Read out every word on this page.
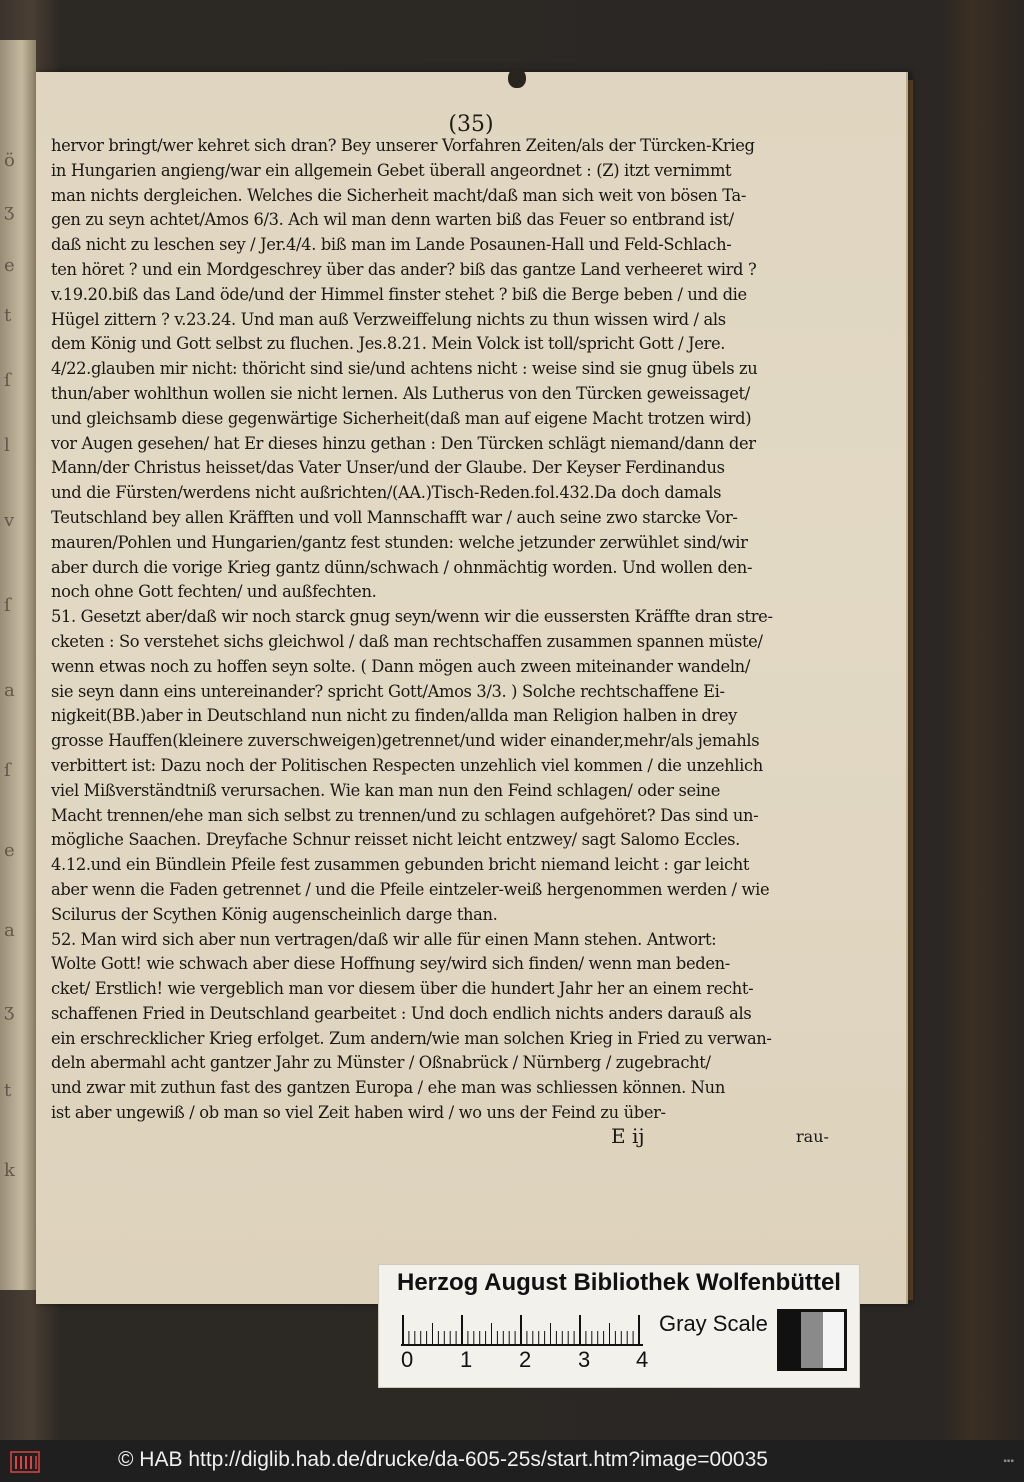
ö
ʒ
e
t
ſ
l
v
ſ
a
ſ
e
a
ʒ
t
k
(35)
hervor bringt/wer kehret sich dran? Bey unserer Vorfahren Zeiten/als der Türcken-Krieg
in Hungarien angieng/war ein allgemein Gebet überall angeordnet : (Z) itzt vernimmt
man nichts dergleichen. Welches die Sicherheit macht/daß man sich weit von bösen Ta-
gen zu seyn achtet/Amos 6/3. Ach wil man denn warten biß das Feuer so entbrand ist/
daß nicht zu leschen sey / Jer.4/4. biß man im Lande Posaunen-Hall und Feld-Schlach-
ten höret ? und ein Mordgeschrey über das ander? biß das gantze Land verheeret wird ?
v.19.20.biß das Land öde/und der Himmel finster stehet ? biß die Berge beben / und die
Hügel zittern ? v.23.24. Und man auß Verzweiffelung nichts zu thun wissen wird / als
dem König und Gott selbst zu fluchen. Jes.8.21. Mein Volck ist toll/spricht Gott / Jere.
4/22.glauben mir nicht: thöricht sind sie/und achtens nicht : weise sind sie gnug übels zu
thun/aber wohlthun wollen sie nicht lernen. Als Lutherus von den Türcken geweissaget/
und gleichsamb diese gegenwärtige Sicherheit(daß man auf eigene Macht trotzen wird)
vor Augen gesehen/ hat Er dieses hinzu gethan : Den Türcken schlägt niemand/dann der
Mann/der Christus heisset/das Vater Unser/und der Glaube. Der Keyser Ferdinandus
und die Fürsten/werdens nicht außrichten/(AA.)Tisch-Reden.fol.432.Da doch damals
Teutschland bey allen Kräfften und voll Mannschafft war / auch seine zwo starcke Vor-
mauren/Pohlen und Hungarien/gantz fest stunden: welche jetzunder zerwühlet sind/wir
aber durch die vorige Krieg gantz dünn/schwach / ohnmächtig worden. Und wollen den-
noch ohne Gott fechten/ und außfechten.
51. Gesetzt aber/daß wir noch starck gnug seyn/wenn wir die eussersten Kräffte dran stre-
cketen : So verstehet sichs gleichwol / daß man rechtschaffen zusammen spannen müste/
wenn etwas noch zu hoffen seyn solte. ( Dann mögen auch zween miteinander wandeln/
sie seyn dann eins untereinander? spricht Gott/Amos 3/3. ) Solche rechtschaffene Ei-
nigkeit(BB.)aber in Deutschland nun nicht zu finden/allda man Religion halben in drey
grosse Hauffen(kleinere zuverschweigen)getrennet/und wider einander,mehr/als jemahls
verbittert ist: Dazu noch der Politischen Respecten unzehlich viel kommen / die unzehlich
viel Mißverständtniß verursachen. Wie kan man nun den Feind schlagen/ oder seine
Macht trennen/ehe man sich selbst zu trennen/und zu schlagen aufgehöret? Das sind un-
mögliche Saachen. Dreyfache Schnur reisset nicht leicht entzwey/ sagt Salomo Eccles.
4.12.und ein Bündlein Pfeile fest zusammen gebunden bricht niemand leicht : gar leicht
aber wenn die Faden getrennet / und die Pfeile eintzeler-weiß hergenommen werden / wie
Scilurus der Scythen König augenscheinlich darge than.
52. Man wird sich aber nun vertragen/daß wir alle für einen Mann stehen. Antwort:
Wolte Gott! wie schwach aber diese Hoffnung sey/wird sich finden/ wenn man beden-
cket/ Erstlich! wie vergeblich man vor diesem über die hundert Jahr her an einem recht-
schaffenen Fried in Deutschland gearbeitet : Und doch endlich nichts anders darauß als
ein erschrecklicher Krieg erfolget. Zum andern/wie man solchen Krieg in Fried zu verwan-
deln abermahl acht gantzer Jahr zu Münster / Oßnabrück / Nürnberg / zugebracht/
und zwar mit zuthun fast des gantzen Europa / ehe man was schliessen können. Nun
ist aber ungewiß / ob man so viel Zeit haben wird / wo uns der Feind zu über-
E ij	rau-
Herzog August Bibliothek Wolfenbüttel
0 1 2 3 4
Gray Scale
© HAB http://diglib.hab.de/drucke/da-605-25s/start.htm?image=00035	▪▪▪
